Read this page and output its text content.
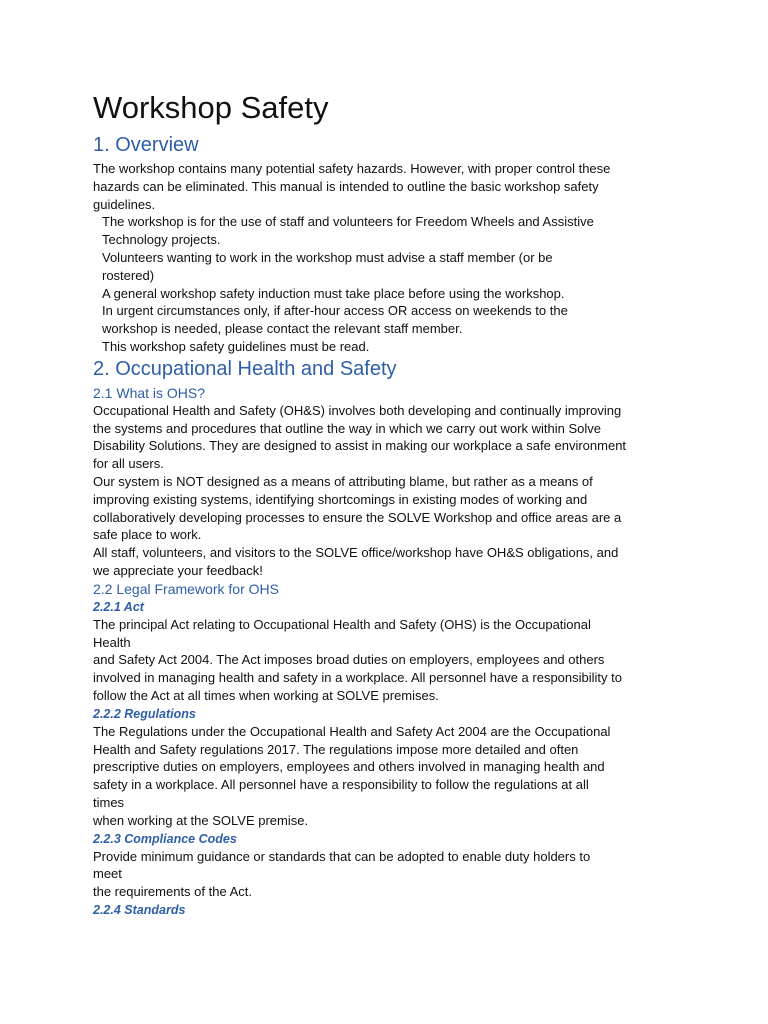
Workshop Safety
1. Overview

The workshop contains many potential safety hazards. However, with proper control these
hazards can be eliminated. This manual is intended to outline the basic workshop safety
guidelines.

The workshop is for the use of staff and volunteers for Freedom Wheels and Assistive
Technology projects.

Volunteers wanting to work in the workshop must advise a staff member (or be
rostered)

A general workshop safety induction must take place before using the workshop.

In urgent circumstances only, if after-hour access OR access on weekends to the
workshop is needed, please contact the relevant staff member.

This workshop safety guidelines must be read.

2. Occupational Health and Safety
2.1 What is OHS?

Occupational Health and Safety (OH&S) involves both developing and continually improving
the systems and procedures that outline the way in which we carry out work within Solve
Disability Solutions. They are designed to assist in making our workplace a safe environment
for all users.

Our system is NOT designed as a means of attributing blame, but rather as a means of
improving existing systems, identifying shortcomings in existing modes of working and
collaboratively developing processes to ensure the SOLVE Workshop and office areas are a
safe place to work.

All staff, volunteers, and visitors to the SOLVE office/workshop have OH&S obligations, and
we appreciate your feedback!

2.2 Legal Framework for OHS
2.2.1 Act

The principal Act relating to Occupational Health and Safety (OHS) is the Occupational
Health
and Safety Act 2004. The Act imposes broad duties on employers, employees and others
involved in managing health and safety in a workplace. All personnel have a responsibility to
follow the Act at all times when working at SOLVE premises.

2.2.2 Regulations

The Regulations under the Occupational Health and Safety Act 2004 are the Occupational
Health and Safety regulations 2017. The regulations impose more detailed and often
prescriptive duties on employers, employees and others involved in managing health and
safety in a workplace. All personnel have a responsibility to follow the regulations at all
times
when working at the SOLVE premise.

2.2.3 Compliance Codes

Provide minimum guidance or standards that can be adopted to enable duty holders to
meet
the requirements of the Act.

2.2.4 Standards
